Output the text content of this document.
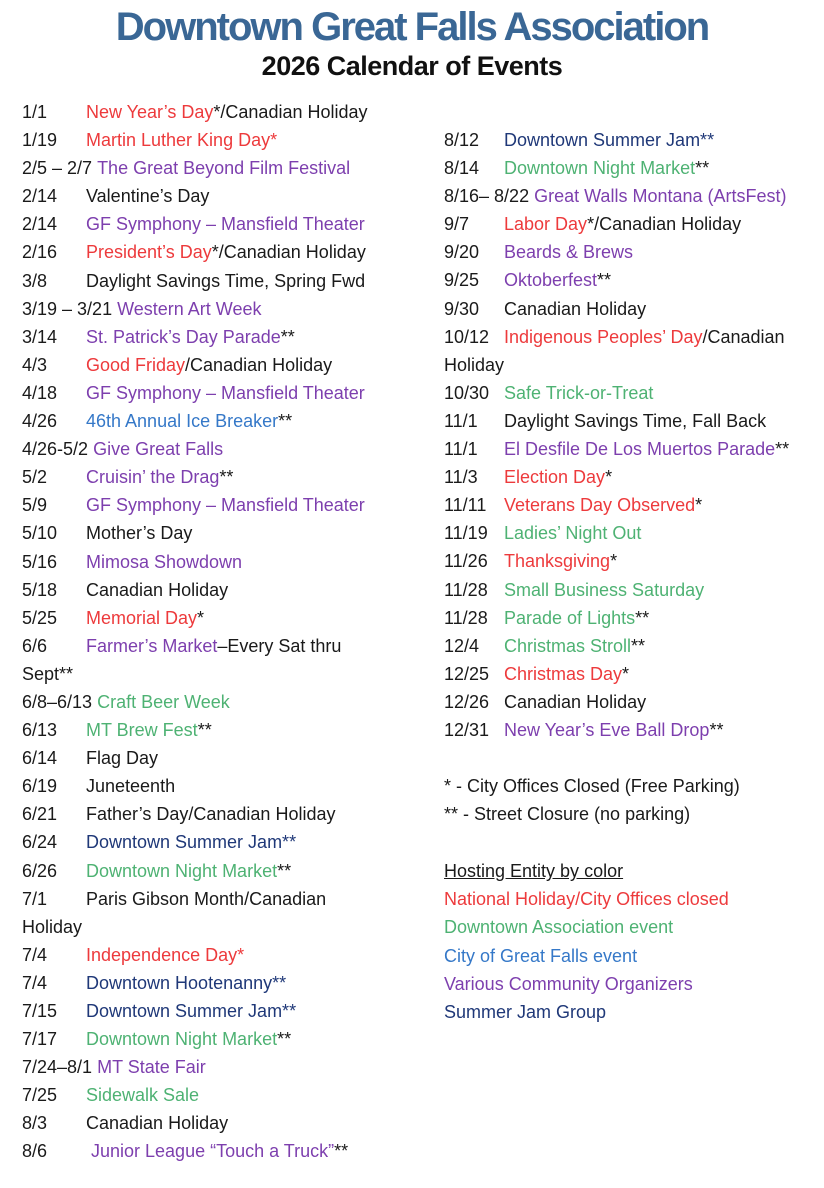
Downtown Great Falls Association
2026 Calendar of Events
1/1 New Year’s Day*/Canadian Holiday
1/19 Martin Luther King Day*
2/5 – 2/7 The Great Beyond Film Festival
2/14 Valentine’s Day
2/14 GF Symphony – Mansfield Theater
2/16 President’s Day*/Canadian Holiday
3/8 Daylight Savings Time, Spring Fwd
3/19 – 3/21 Western Art Week
3/14 St. Patrick’s Day Parade**
4/3 Good Friday/Canadian Holiday
4/18 GF Symphony – Mansfield Theater
4/26 46th Annual Ice Breaker**
4/26-5/2 Give Great Falls
5/2 Cruisin’ the Drag**
5/9 GF Symphony – Mansfield Theater
5/10 Mother’s Day
5/16 Mimosa Showdown
5/18 Canadian Holiday
5/25 Memorial Day*
6/6 Farmer’s Market–Every Sat thru
Sept**
6/8–6/13 Craft Beer Week
6/13 MT Brew Fest**
6/14 Flag Day
6/19 Juneteenth
6/21 Father’s Day/Canadian Holiday
6/24 Downtown Summer Jam**
6/26 Downtown Night Market**
7/1 Paris Gibson Month/Canadian
Holiday
7/4 Independence Day*
7/4 Downtown Hootenanny**
7/15 Downtown Summer Jam**
7/17 Downtown Night Market**
7/24–8/1 MT State Fair
7/25 Sidewalk Sale
8/3 Canadian Holiday
8/6 Junior League “Touch a Truck”**
8/12 Downtown Summer Jam**
8/14 Downtown Night Market**
8/16– 8/22 Great Walls Montana (ArtsFest)
9/7 Labor Day*/Canadian Holiday
9/20 Beards & Brews
9/25 Oktoberfest**
9/30 Canadian Holiday
10/12 Indigenous Peoples’ Day/Canadian
Holiday
10/30 Safe Trick-or-Treat
11/1 Daylight Savings Time, Fall Back
11/1 El Desfile De Los Muertos Parade**
11/3 Election Day*
11/11 Veterans Day Observed*
11/19 Ladies’ Night Out
11/26 Thanksgiving*
11/28 Small Business Saturday
11/28 Parade of Lights**
12/4 Christmas Stroll**
12/25 Christmas Day*
12/26 Canadian Holiday
12/31 New Year’s Eve Ball Drop**
* - City Offices Closed (Free Parking)
** - Street Closure (no parking)
Hosting Entity by color
National Holiday/City Offices closed
Downtown Association event
City of Great Falls event
Various Community Organizers
Summer Jam Group
